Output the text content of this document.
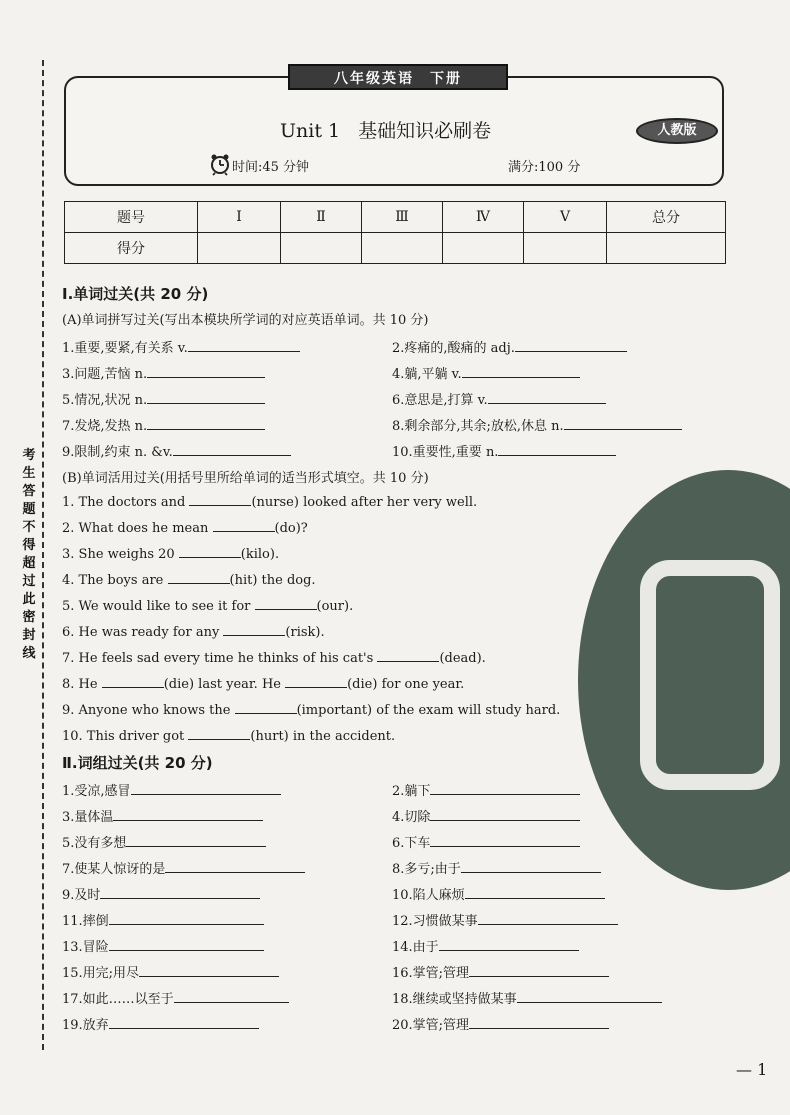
考生答题不得超过此密封线
八年级英语　下册
Unit 1 基础知识必刷卷	人教版
时间:45 分钟	满分:100 分
题号	Ⅰ	Ⅱ	Ⅲ	Ⅳ	Ⅴ	总分
得分						
Ⅰ.单词过关(共 20 分)
(A)单词拼写过关(写出本模块所学词的对应英语单词。共 10 分)
1.重要,要紧,有关系 v.	2.疼痛的,酸痛的 adj.
3.问题,苦恼 n.	4.躺,平躺 v.
5.情况,状况 n.	6.意思是,打算 v.
7.发烧,发热 n.	8.剩余部分,其余;放松,休息 n.
9.限制,约束 n. &v.	10.重要性,重要 n.
(B)单词活用过关(用括号里所给单词的适当形式填空。共 10 分)
1. The doctors and	(nurse) looked after her very well.
2. What does he mean	(do)?
3. She weighs 20	(kilo).
4. The boys are	(hit) the dog.
5. We would like to see it for	(our).
6. He was ready for any	(risk).
7. He feels sad every time he thinks of his cat's	(dead).
8. He	(die) last year. He	(die) for one year.
9. Anyone who knows the	(important) of the exam will study hard.
10. This driver got	(hurt) in the accident.
Ⅱ.词组过关(共 20 分)
1.受凉,感冒	2.躺下
3.量体温	4.切除
5.没有多想	6.下车
7.使某人惊讶的是	8.多亏;由于
9.及时	10.陷人麻烦
11.摔倒	12.习惯做某事
13.冒险	14.由于
15.用完;用尽	16.掌管;管理
17.如此……以至于	18.继续或坚持做某事
19.放弃	20.掌管;管理
— 1
